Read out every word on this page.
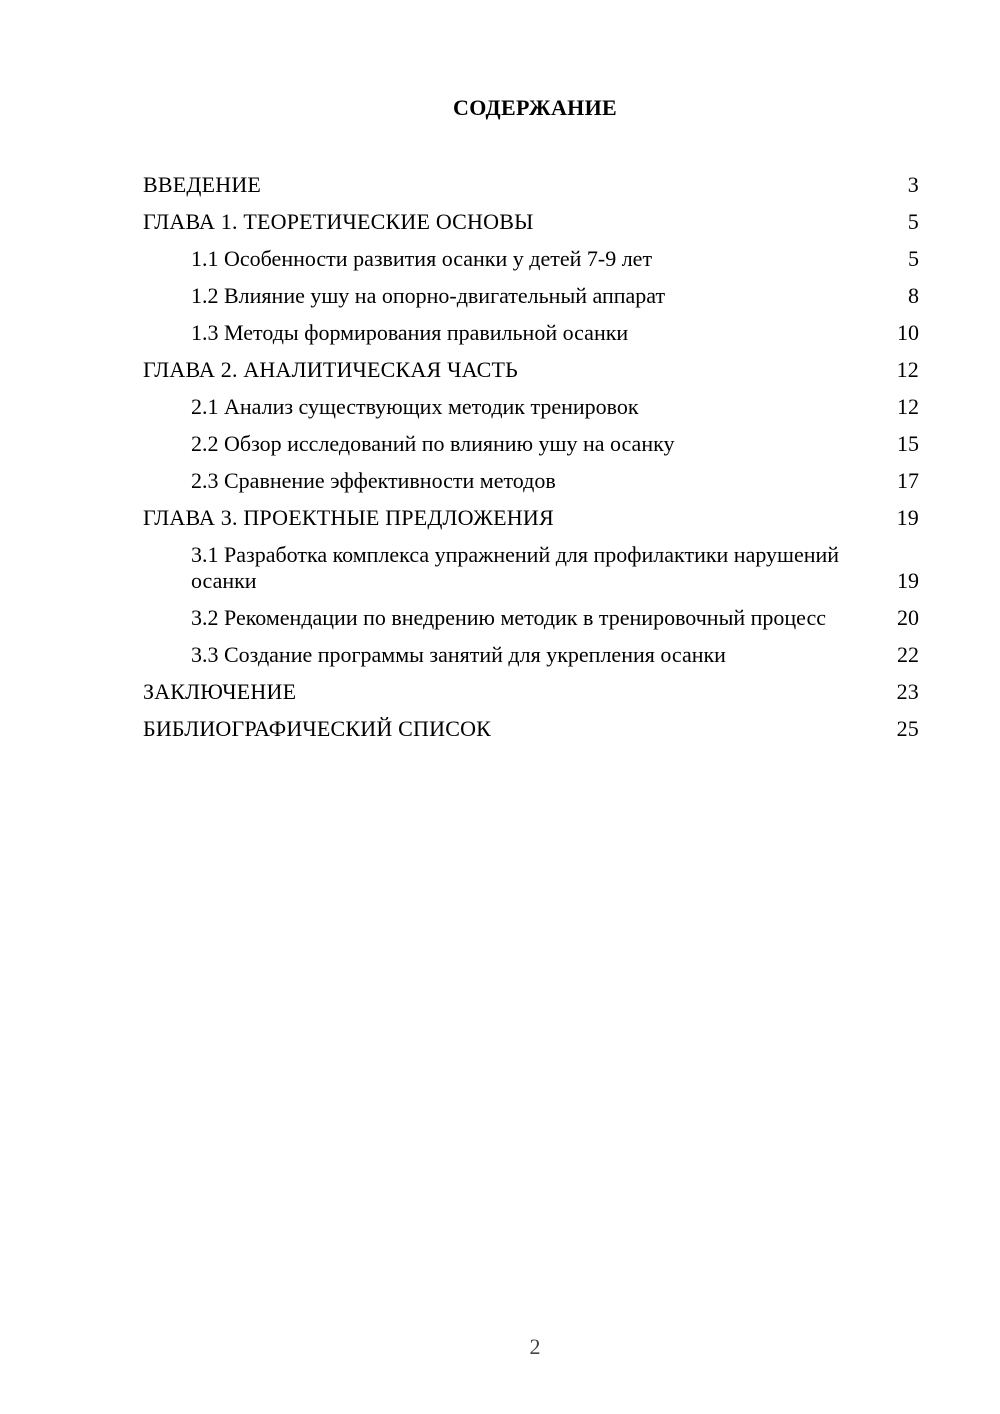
СОДЕРЖАНИЕ
ВВЕДЕНИЕ	3
ГЛАВА 1. ТЕОРЕТИЧЕСКИЕ ОСНОВЫ	5
1.1 Особенности развития осанки у детей 7-9 лет	5
1.2 Влияние ушу на опорно-двигательный аппарат	8
1.3 Методы формирования правильной осанки	10
ГЛАВА 2. АНАЛИТИЧЕСКАЯ ЧАСТЬ	12
2.1 Анализ существующих методик тренировок	12
2.2 Обзор исследований по влиянию ушу на осанку	15
2.3 Сравнение эффективности методов	17
ГЛАВА 3. ПРОЕКТНЫЕ ПРЕДЛОЖЕНИЯ	19
3.1 Разработка комплекса упражнений для профилактики нарушений осанки	19
3.2 Рекомендации по внедрению методик в тренировочный процесс	20
3.3 Создание программы занятий для укрепления осанки	22
ЗАКЛЮЧЕНИЕ	23
БИБЛИОГРАФИЧЕСКИЙ СПИСОК	25
2
